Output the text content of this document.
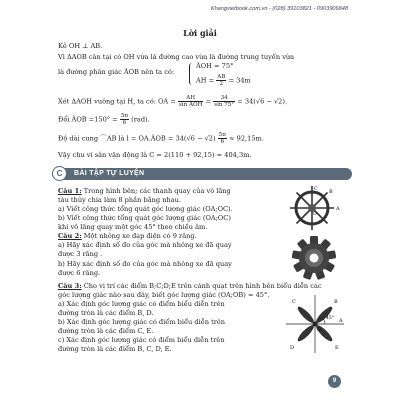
Khangvietbook.com.vn - (028) 39103821 - 0903906848
Lời giải
Kẻ OH ⊥ AB.
Vì ΔAOB cân tại có OH vừa là đường cao vừa là đường trung tuyến vừa
là đường phân giác ÂOB nên ta có:
ÂOH = 75°
AH = $\frac{AB}{2} = 34m$
Xét ΔAOH vuông tại H, ta có: OA = $\frac{AH}{\text{sin ÂOH}} = \frac{34}{\sin 75^\circ} = 34(√6 - √2)$.
Đổi ÂOB $=150^\circ = \frac{5\pi}{6} (rad)$.
Độ dài cung ⌒AB là l = OA.ÂOB = $34(√6 - √2) \frac{5\pi}{6} \approx 92,15m$.
Vậy chu vi sân vận động là C = 2(110 + 92,15) = 404,3m.
C	BÀI TẬP TỰ LUYỆN
Câu 1: Trong hình bên; các thanh quay của vô lăng
tàu thủy chia làm 8 phần bằng nhau.
a) Viết công thức tổng quát góc lượng giác (OA;OC).
b) Viết công thức tổng quát góc lượng giác (OA;OC)
khi vô lăng quay một góc 45° theo chiều âm.
Câu 2: Một nhông xe đạp điện có 9 răng.
a) Hãy xác định số đo của góc mà nhông xe đã quay
được 3 răng .
b) Hãy xác định số đo của góc mà nhông xe đã quay
được 6 răng.
Câu 3: Cho vị trí các điểm B;C;D;E trên cánh quạt trên hình bên biểu diễn các
góc lượng giác nào sau đây, biết góc lượng giác (OA;OB) = 45°.
a) Xác định góc lượng giác có điểm biểu diễn trên
đường tròn là các điểm B, D.
b) Xác định góc lượng giác có điểm biểu diễn trên
đường tròn là các điểm C, E.
c) Xác định góc lượng giác có điểm biểu diễn trên
đường tròn là các điểm B, C, D, E.
A
B
C
O
A
B
C
D	E
O
45°
9
